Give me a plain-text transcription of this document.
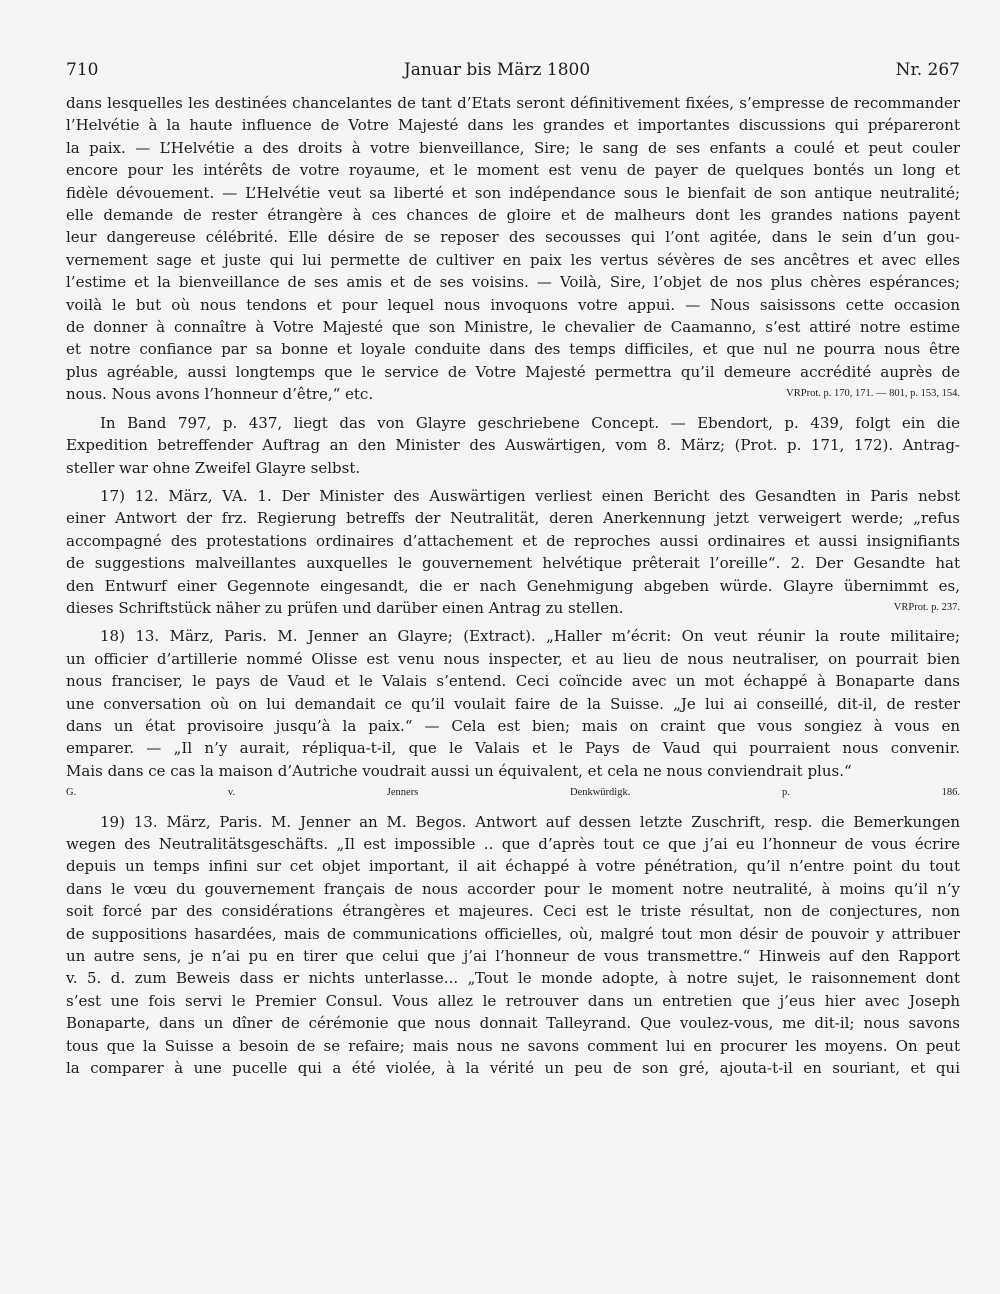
710	Januar bis März 1800	Nr. 267
dans lesquelles les destinées chancelantes de tant d’Etats seront définitivement fixées, s’empresse de recommander
l’Helvétie à la haute influence de Votre Majesté dans les grandes et importantes discussions qui prépareront
la paix. — L’Helvétie a des droits à votre bienveillance, Sire; le sang de ses enfants a coulé et peut couler
encore pour les intérêts de votre royaume, et le moment est venu de payer de quelques bontés un long et
fidèle dévouement. — L’Helvétie veut sa liberté et son indépendance sous le bienfait de son antique neutralité;
elle demande de rester étrangère à ces chances de gloire et de malheurs dont les grandes nations payent
leur dangereuse célébrité. Elle désire de se reposer des secousses qui l’ont agitée, dans le sein d’un gou-
vernement sage et juste qui lui permette de cultiver en paix les vertus sévères de ses ancêtres et avec elles
l’estime et la bienveillance de ses amis et de ses voisins. — Voilà, Sire, l’objet de nos plus chères espérances;
voilà le but où nous tendons et pour lequel nous invoquons votre appui. — Nous saisissons cette occasion
de donner à connaître à Votre Majesté que son Ministre, le chevalier de Caamanno, s’est attiré notre estime
et notre confiance par sa bonne et loyale conduite dans des temps difficiles, et que nul ne pourra nous être
plus agréable, aussi longtemps que le service de Votre Majesté permettra qu’il demeure accrédité auprès de
VRProt. p. 170, 171. — 801, p. 153, 154.
nous. Nous avons l’honneur d’être,“ etc.
In Band 797, p. 437, liegt das von Glayre geschriebene Concept. — Ebendort, p. 439, folgt ein die
Expedition betreffender Auftrag an den Minister des Auswärtigen, vom 8. März; (Prot. p. 171, 172). Antrag-
steller war ohne Zweifel Glayre selbst.
17) 12. März, VA. 1. Der Minister des Auswärtigen verliest einen Bericht des Gesandten in Paris nebst
einer Antwort der frz. Regierung betreffs der Neutralität, deren Anerkennung jetzt verweigert werde; „refus
accompagné des protestations ordinaires d’attachement et de reproches aussi ordinaires et aussi insignifiants
de suggestions malveillantes auxquelles le gouvernement helvétique prêterait l’oreille“. 2. Der Gesandte hat
den Entwurf einer Gegennote eingesandt, die er nach Genehmigung abgeben würde. Glayre übernimmt es,
VRProt. p. 237.
dieses Schriftstück näher zu prüfen und darüber einen Antrag zu stellen.
18) 13. März, Paris. M. Jenner an Glayre; (Extract). „Haller m’écrit: On veut réunir la route militaire;
un officier d’artillerie nommé Olisse est venu nous inspecter, et au lieu de nous neutraliser, on pourrait bien
nous franciser, le pays de Vaud et le Valais s’entend. Ceci coïncide avec un mot échappé à Bonaparte dans
une conversation où on lui demandait ce qu’il voulait faire de la Suisse. „Je lui ai conseillé, dit-il, de rester
dans un état provisoire jusqu’à la paix.“ — Cela est bien; mais on craint que vous songiez à vous en
emparer. — „Il n’y aurait, répliqua-t-il, que le Valais et le Pays de Vaud qui pourraient nous convenir.
Mais dans ce cas la maison d’Autriche voudrait aussi un équivalent, et cela ne nous conviendrait plus.“
G. v. Jenners Denkwürdigk. p. 186.
19) 13. März, Paris. M. Jenner an M. Begos. Antwort auf dessen letzte Zuschrift, resp. die Bemerkungen
wegen des Neutralitätsgeschäfts. „Il est impossible .. que d’après tout ce que j’ai eu l’honneur de vous écrire
depuis un temps infini sur cet objet important, il ait échappé à votre pénétration, qu’il n’entre point du tout
dans le vœu du gouvernement français de nous accorder pour le moment notre neutralité, à moins qu’il n’y
soit forcé par des considérations étrangères et majeures. Ceci est le triste résultat, non de conjectures, non
de suppositions hasardées, mais de communications officielles, où, malgré tout mon désir de pouvoir y attribuer
un autre sens, je n’ai pu en tirer que celui que j’ai l’honneur de vous transmettre.“ Hinweis auf den Rapport
v. 5. d. zum Beweis dass er nichts unterlasse... „Tout le monde adopte, à notre sujet, le raisonnement dont
s’est une fois servi le Premier Consul. Vous allez le retrouver dans un entretien que j’eus hier avec Joseph
Bonaparte, dans un dîner de cérémonie que nous donnait Talleyrand. Que voulez-vous, me dit-il; nous savons
tous que la Suisse a besoin de se refaire; mais nous ne savons comment lui en procurer les moyens. On peut
la comparer à une pucelle qui a été violée, à la vérité un peu de son gré, ajouta-t-il en souriant, et qui
